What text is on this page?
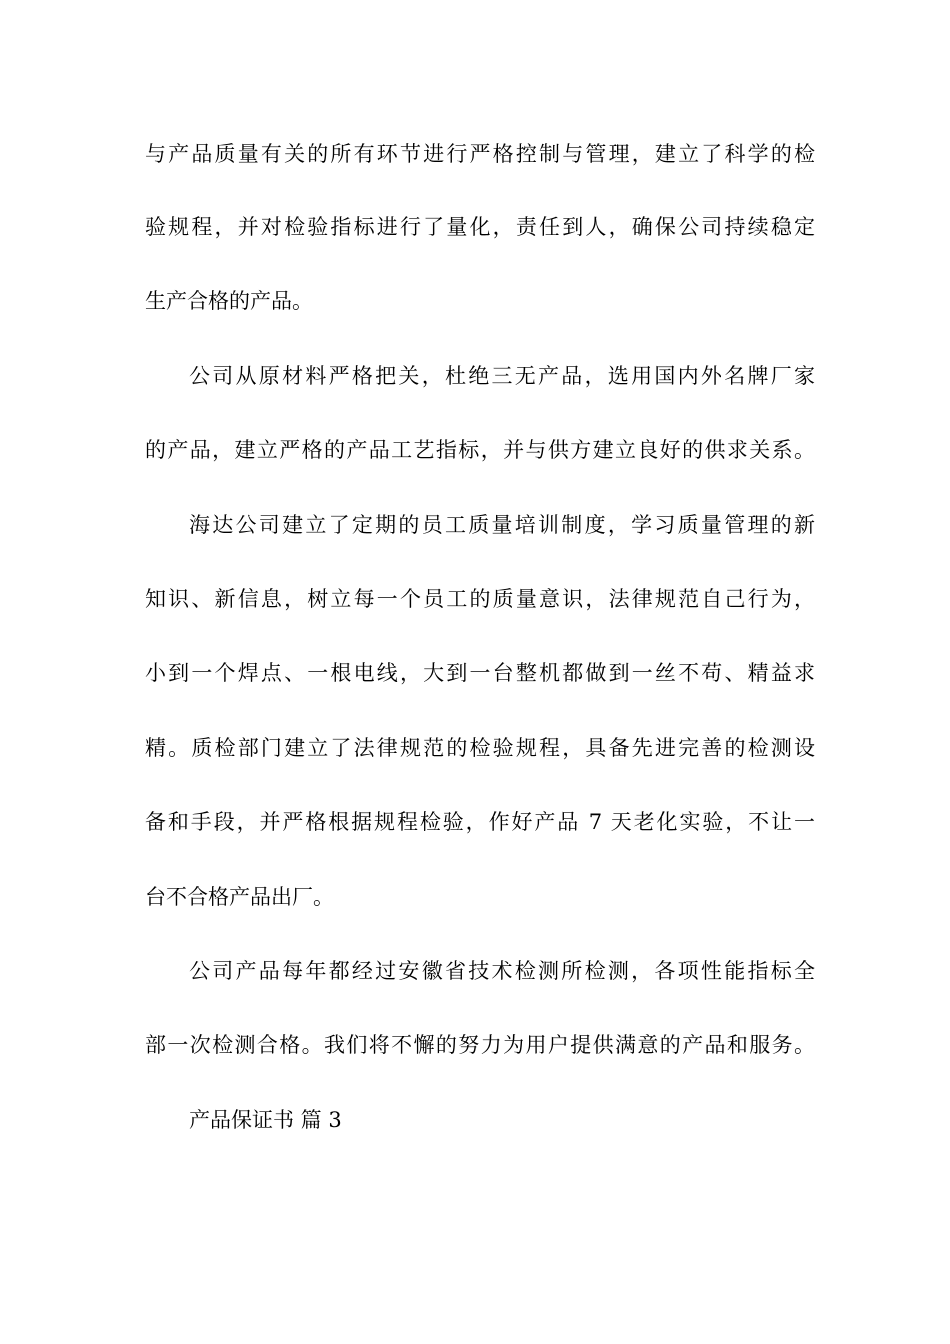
与产品质量有关的所有环节进行严格控制与管理，建立了科学的检
验规程，并对检验指标进行了量化，责任到人，确保公司持续稳定
生产合格的产品。
公司从原材料严格把关，杜绝三无产品，选用国内外名牌厂家
的产品，建立严格的产品工艺指标，并与供方建立良好的供求关系。
海达公司建立了定期的员工质量培训制度，学习质量管理的新
知识、新信息，树立每一个员工的质量意识，法律规范自己行为，
小到一个焊点、一根电线，大到一台整机都做到一丝不苟、精益求
精。质检部门建立了法律规范的检验规程，具备先进完善的检测设
备和手段，并严格根据规程检验，作好产品 7 天老化实验，不让一
台不合格产品出厂。
公司产品每年都经过安徽省技术检测所检测，各项性能指标全
部一次检测合格。我们将不懈的努力为用户提供满意的产品和服务。
产品保证书 篇 3
